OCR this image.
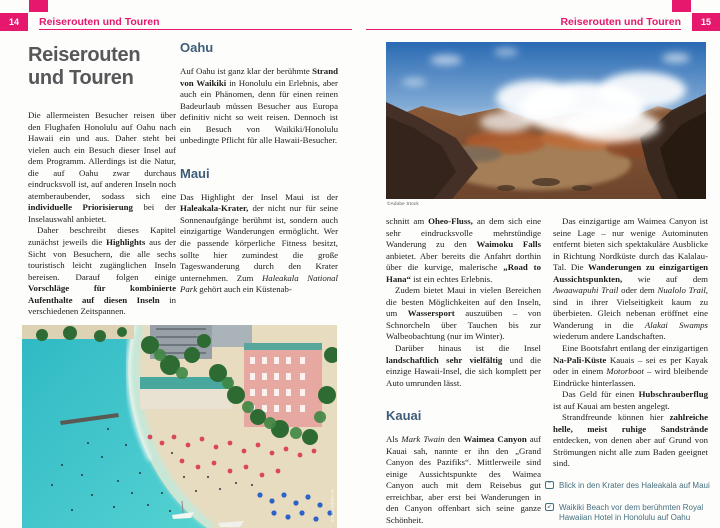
14	Reiserouten und Touren	15
Reiserouten und Touren
Reiserouten und Touren

Die allermeisten Besucher reisen über den Flughafen Honolulu auf Oahu nach Hawaii ein und aus. Daher steht bei vielen auch ein Besuch dieser Insel auf dem Programm. Allerdings ist die Natur, die auf Oahu zwar durchaus eindrucksvoll ist, auf anderen Inseln noch atemberaubender, sodass sich eine individuelle Priorisierung bei der Inselauswahl anbietet.

Daher beschreibt dieses Kapitel zunächst jeweils die Highlights aus der Sicht von Besuchern, die alle sechs touristisch leicht zugänglichen Inseln bereisen. Darauf folgen einige Vorschläge für kombinierte Aufenthalte auf diesen Inseln in verschiedenen Zeitspannen.

Oahu

Auf Oahu ist ganz klar der berühmte Strand von Waikiki in Honolulu ein Erlebnis, aber auch ein Phänomen, denn für einen reinen Badeurlaub müssen Besucher aus Europa definitiv nicht so weit reisen. Dennoch ist ein Besuch von Waikiki/Honolulu unbedingte Pflicht für alle Hawaii-Besucher.

Maui

Das Highlight der Insel Maui ist der Haleakala-Krater, der nicht nur für seine Sonnenaufgänge berühmt ist, sondern auch einzigartige Wanderungen ermöglicht. Wer die passende körperliche Fitness besitzt, sollte hier zumindest die große Tageswanderung durch den Krater unternehmen. Zum Haleakala National Park gehört auch ein Küstenab-

©Adobe Stock
©Adobe Stock

schnitt am Oheo-Fluss, an dem sich eine sehr eindrucksvolle mehrstündige Wanderung zu den Waimoku Falls anbietet. Aber bereits die Anfahrt dorthin über die kurvige, malerische „Road to Hana“ ist ein echtes Erlebnis.

Zudem bietet Maui in vielen Bereichen die besten Möglichkeiten auf den Inseln, um Wassersport auszuüben – von Schnorcheln über Tauchen bis zur Walbeobachtung (nur im Winter).

Darüber hinaus ist die Insel landschaftlich sehr vielfältig und die einzige Hawaii-Insel, die sich komplett per Auto umrunden lässt.

Kauai

Als Mark Twain den Waimea Canyon auf Kauai sah, nannte er ihn den „Grand Canyon des Pazifiks“. Mittlerweile sind einige Aussichtspunkte des Waimea Canyon auch mit dem Reisebus gut erreichbar, aber erst bei Wanderungen in den Canyon offenbart sich seine ganze Schönheit.

Das einzigartige am Waimea Canyon ist seine Lage – nur wenige Autominuten entfernt bieten sich spektakuläre Ausblicke in Richtung Nordküste durch das Kalalau-Tal. Die Wanderungen zu einzigartigen Aussichtspunkten, wie auf dem Awaawapuhi Trail oder dem Nualolo Trail, sind in ihrer Vielseitigkeit kaum zu überbieten. Gleich nebenan eröffnet eine Wanderung in die Alakai Swamps wiederum andere Landschaften.

Eine Bootsfahrt entlang der einzigartigen Na-Pali-Küste Kauais – sei es per Kayak oder in einem Motorboot – wird bleibende Eindrücke hinterlassen.

Das Geld für einen Hubschrauberflug ist auf Kauai am besten angelegt.

Strandfreunde können hier zahlreiche helle, meist ruhige Sandstrände entdecken, von denen aber auf Grund von Strömungen nicht alle zum Baden geeignet sind.

⌃ Blick in den Krater des Haleakala auf Maui
↙ Waikiki Beach vor dem berühmten Royal Hawaiian Hotel in Honolulu auf Oahu
